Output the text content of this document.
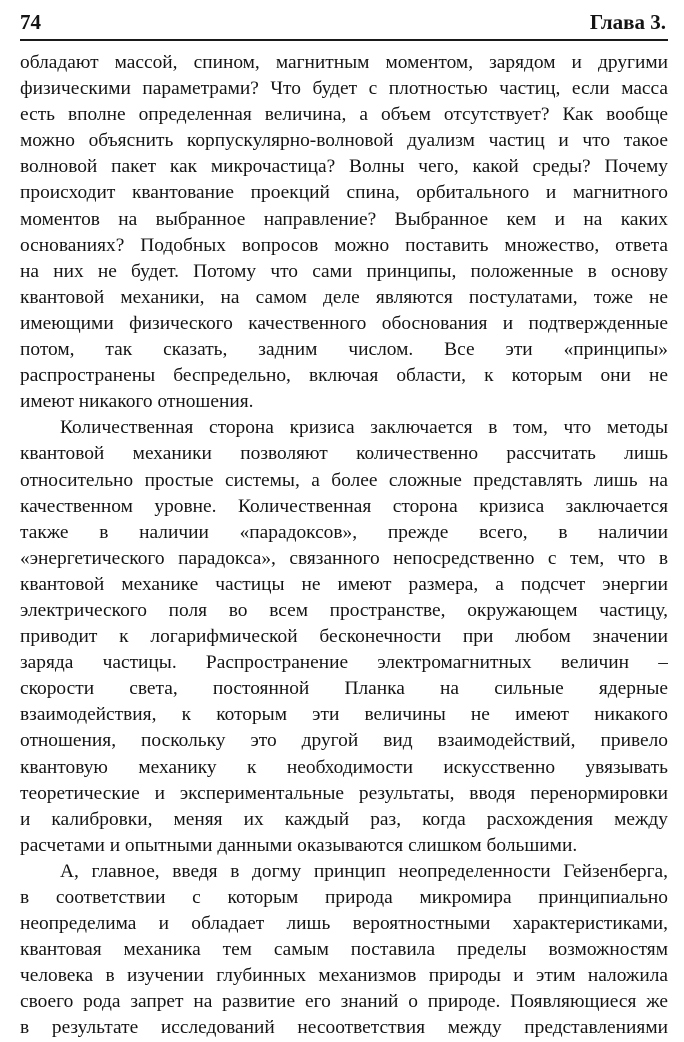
74	Глава 3.
обладают массой, спином, магнитным моментом, зарядом и другими
физическими параметрами? Что будет с плотностью частиц, если масса
есть вполне определенная величина, а объем отсутствует? Как вообще
можно объяснить корпускулярно-волновой дуализм частиц и что такое
волновой пакет как микрочастица? Волны чего, какой среды? Почему
происходит квантование проекций спина, орбитального и магнитного
моментов на выбранное направление? Выбранное кем и на каких
основаниях? Подобных вопросов можно поставить множество, ответа
на них не будет. Потому что сами принципы, положенные в основу
квантовой механики, на самом деле являются постулатами, тоже не
имеющими физического качественного обоснования и подтвержденные
потом, так сказать, задним числом. Все эти «принципы»
распространены беспредельно, включая области, к которым они не
имеют никакого отношения.
Количественная сторона кризиса заключается в том, что методы
квантовой механики позволяют количественно рассчитать лишь
относительно простые системы, а более сложные представлять лишь на
качественном уровне. Количественная сторона кризиса заключается
также в наличии «парадоксов», прежде всего, в наличии
«энергетического парадокса», связанного непосредственно с тем, что в
квантовой механике частицы не имеют размера, а подсчет энергии
электрического поля во всем пространстве, окружающем частицу,
приводит к логарифмической бесконечности при любом значении
заряда частицы. Распространение электромагнитных величин –
скорости света, постоянной Планка на сильные ядерные
взаимодействия, к которым эти величины не имеют никакого
отношения, поскольку это другой вид взаимодействий, привело
квантовую механику к необходимости искусственно увязывать
теоретические и экспериментальные результаты, вводя перенормировки
и калибровки, меняя их каждый раз, когда расхождения между
расчетами и опытными данными оказываются слишком большими.
А, главное, введя в догму принцип неопределенности Гейзенберга,
в соответствии с которым природа микромира принципиально
неопределима и обладает лишь вероятностными характеристиками,
квантовая механика тем самым поставила пределы возможностям
человека в изучении глубинных механизмов природы и этим наложила
своего рода запрет на развитие его знаний о природе. Появляющиеся же
в результате исследований несоответствия между представлениями
